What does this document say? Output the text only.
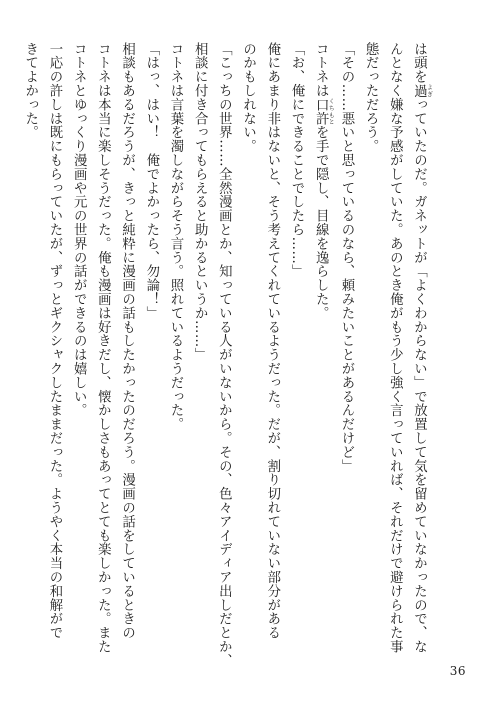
は頭を過 よぎっていたのだ。ガネットが「よくわからない」で放置して気を留めていなかったので、な
んとなく嫌な予感がしていた。あのとき俺がもう少し強く言っていれば、それだけで避けられた事
態だっただろう。
「その……悪いと思っているのなら、頼みたいことがあるんだけど」
コトネは口許 くちもとを手で隠し、目線を逸らした。
「お、俺にできることでしたら……」
俺にあまり非はないと、そう考えてくれているようだった。だが、割り切れていない部分がある
のかもしれない。
「こっちの世界……全然漫画とか、知っている人がいないから。その、色々アイディア出しだとか、
相談に付き合ってもらえると助かるというか……」
コトネは言葉を濁しながらそう言う。照れているようだった。
「はっ、はい！　俺でよかったら、勿論！」
相談もあるだろうが、きっと純粋に漫画の話もしたかったのだろう。漫画の話をしているときの
コトネは本当に楽しそうだった。俺も漫画は好きだし、懐かしさもあってとても楽しかった。また
コトネとゆっくり漫画や元の世界の話ができるのは嬉しい。
一応の許しは既にもらっていたが、ずっとギクシャクしたままだった。ようやく本当の和解がで
きてよかった。
36
